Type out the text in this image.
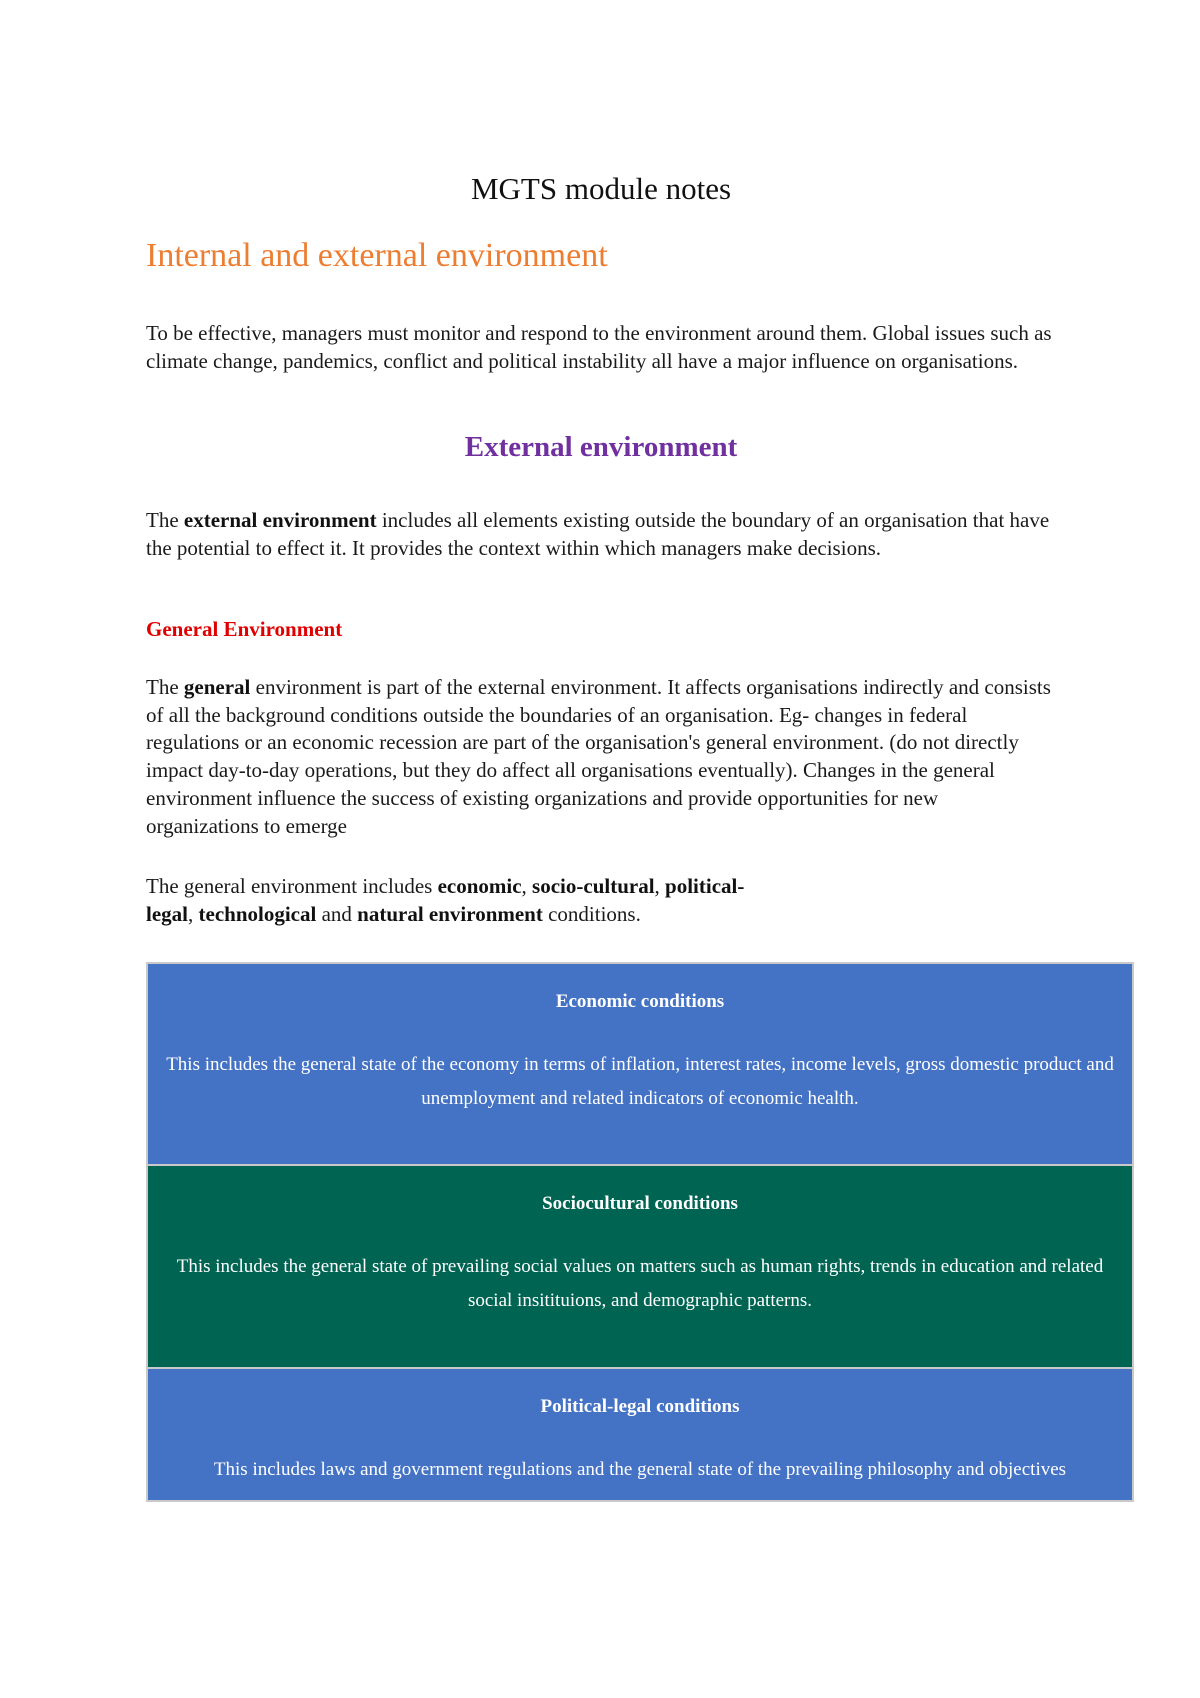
MGTS module notes
Internal and external environment
To be effective, managers must monitor and respond to the environment around them. Global issues such as climate change, pandemics, conflict and political instability all have a major influence on organisations.
External environment
The external environment includes all elements existing outside the boundary of an organisation that have the potential to effect it. It provides the context within which managers make decisions.
General Environment
The general environment is part of the external environment. It affects organisations indirectly and consists of all the background conditions outside the boundaries of an organisation. Eg- changes in federal regulations or an economic recession are part of the organisation's general environment. (do not directly impact day-to-day operations, but they do affect all organisations eventually). Changes in the general environment influence the success of existing organizations and provide opportunities for new organizations to emerge
The general environment includes economic, socio-cultural, political-
legal, technological and natural environment conditions.
Economic conditions
This includes the general state of the economy in terms of inflation, interest rates, income levels, gross domestic product and unemployment and related indicators of economic health.
Sociocultural conditions
This includes the general state of prevailing social values on matters such as human rights, trends in education and related social insitituions, and demographic patterns.
Political-legal conditions
This includes laws and government regulations and the general state of the prevailing philosophy and objectives
